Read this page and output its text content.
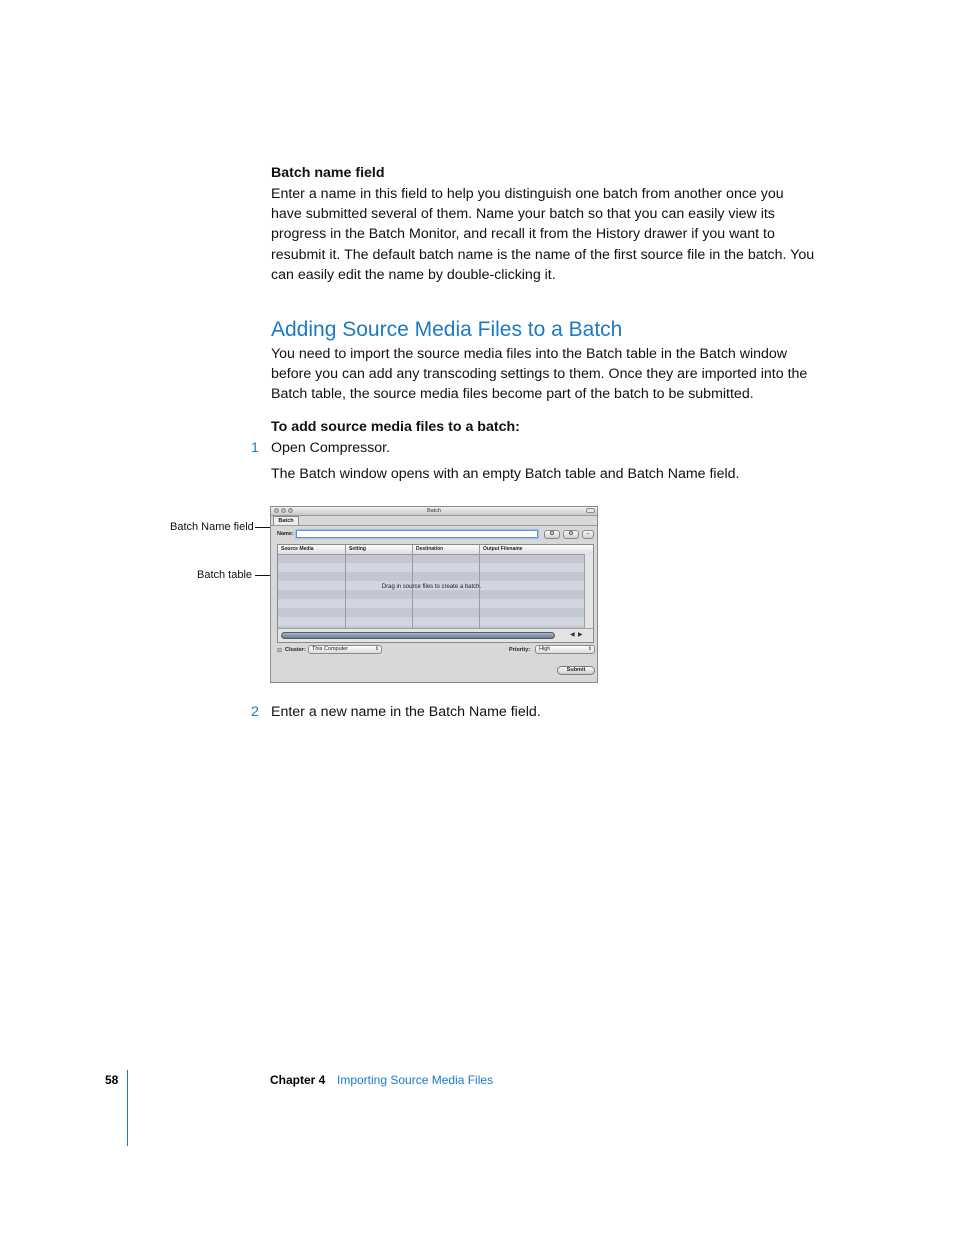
Batch name field
Enter a name in this field to help you distinguish one batch from another once you
have submitted several of them. Name your batch so that you can easily view its
progress in the Batch Monitor, and recall it from the History drawer if you want to
resubmit it. The default batch name is the name of the first source file in the batch. You
can easily edit the name by double-clicking it.
Adding Source Media Files to a Batch
You need to import the source media files into the Batch table in the Batch window
before you can add any transcoding settings to them. Once they are imported into the
Batch table, the source media files become part of the batch to be submitted.
To add source media files to a batch:
1 Open Compressor.
The Batch window opens with an empty Batch table and Batch Name field.
Batch Name field
Batch table
Batch
Batch
Name:	⚙	⚙	−
Source Media	Setting	Destination	Output Filename
Drag in source files to create a batch.
◀ ▶
⊟ Cluster:	This Computer	⇕	Priority:	High	⇕
Submit
2 Enter a new name in the Batch Name field.
58	Chapter 4 Importing Source Media Files
